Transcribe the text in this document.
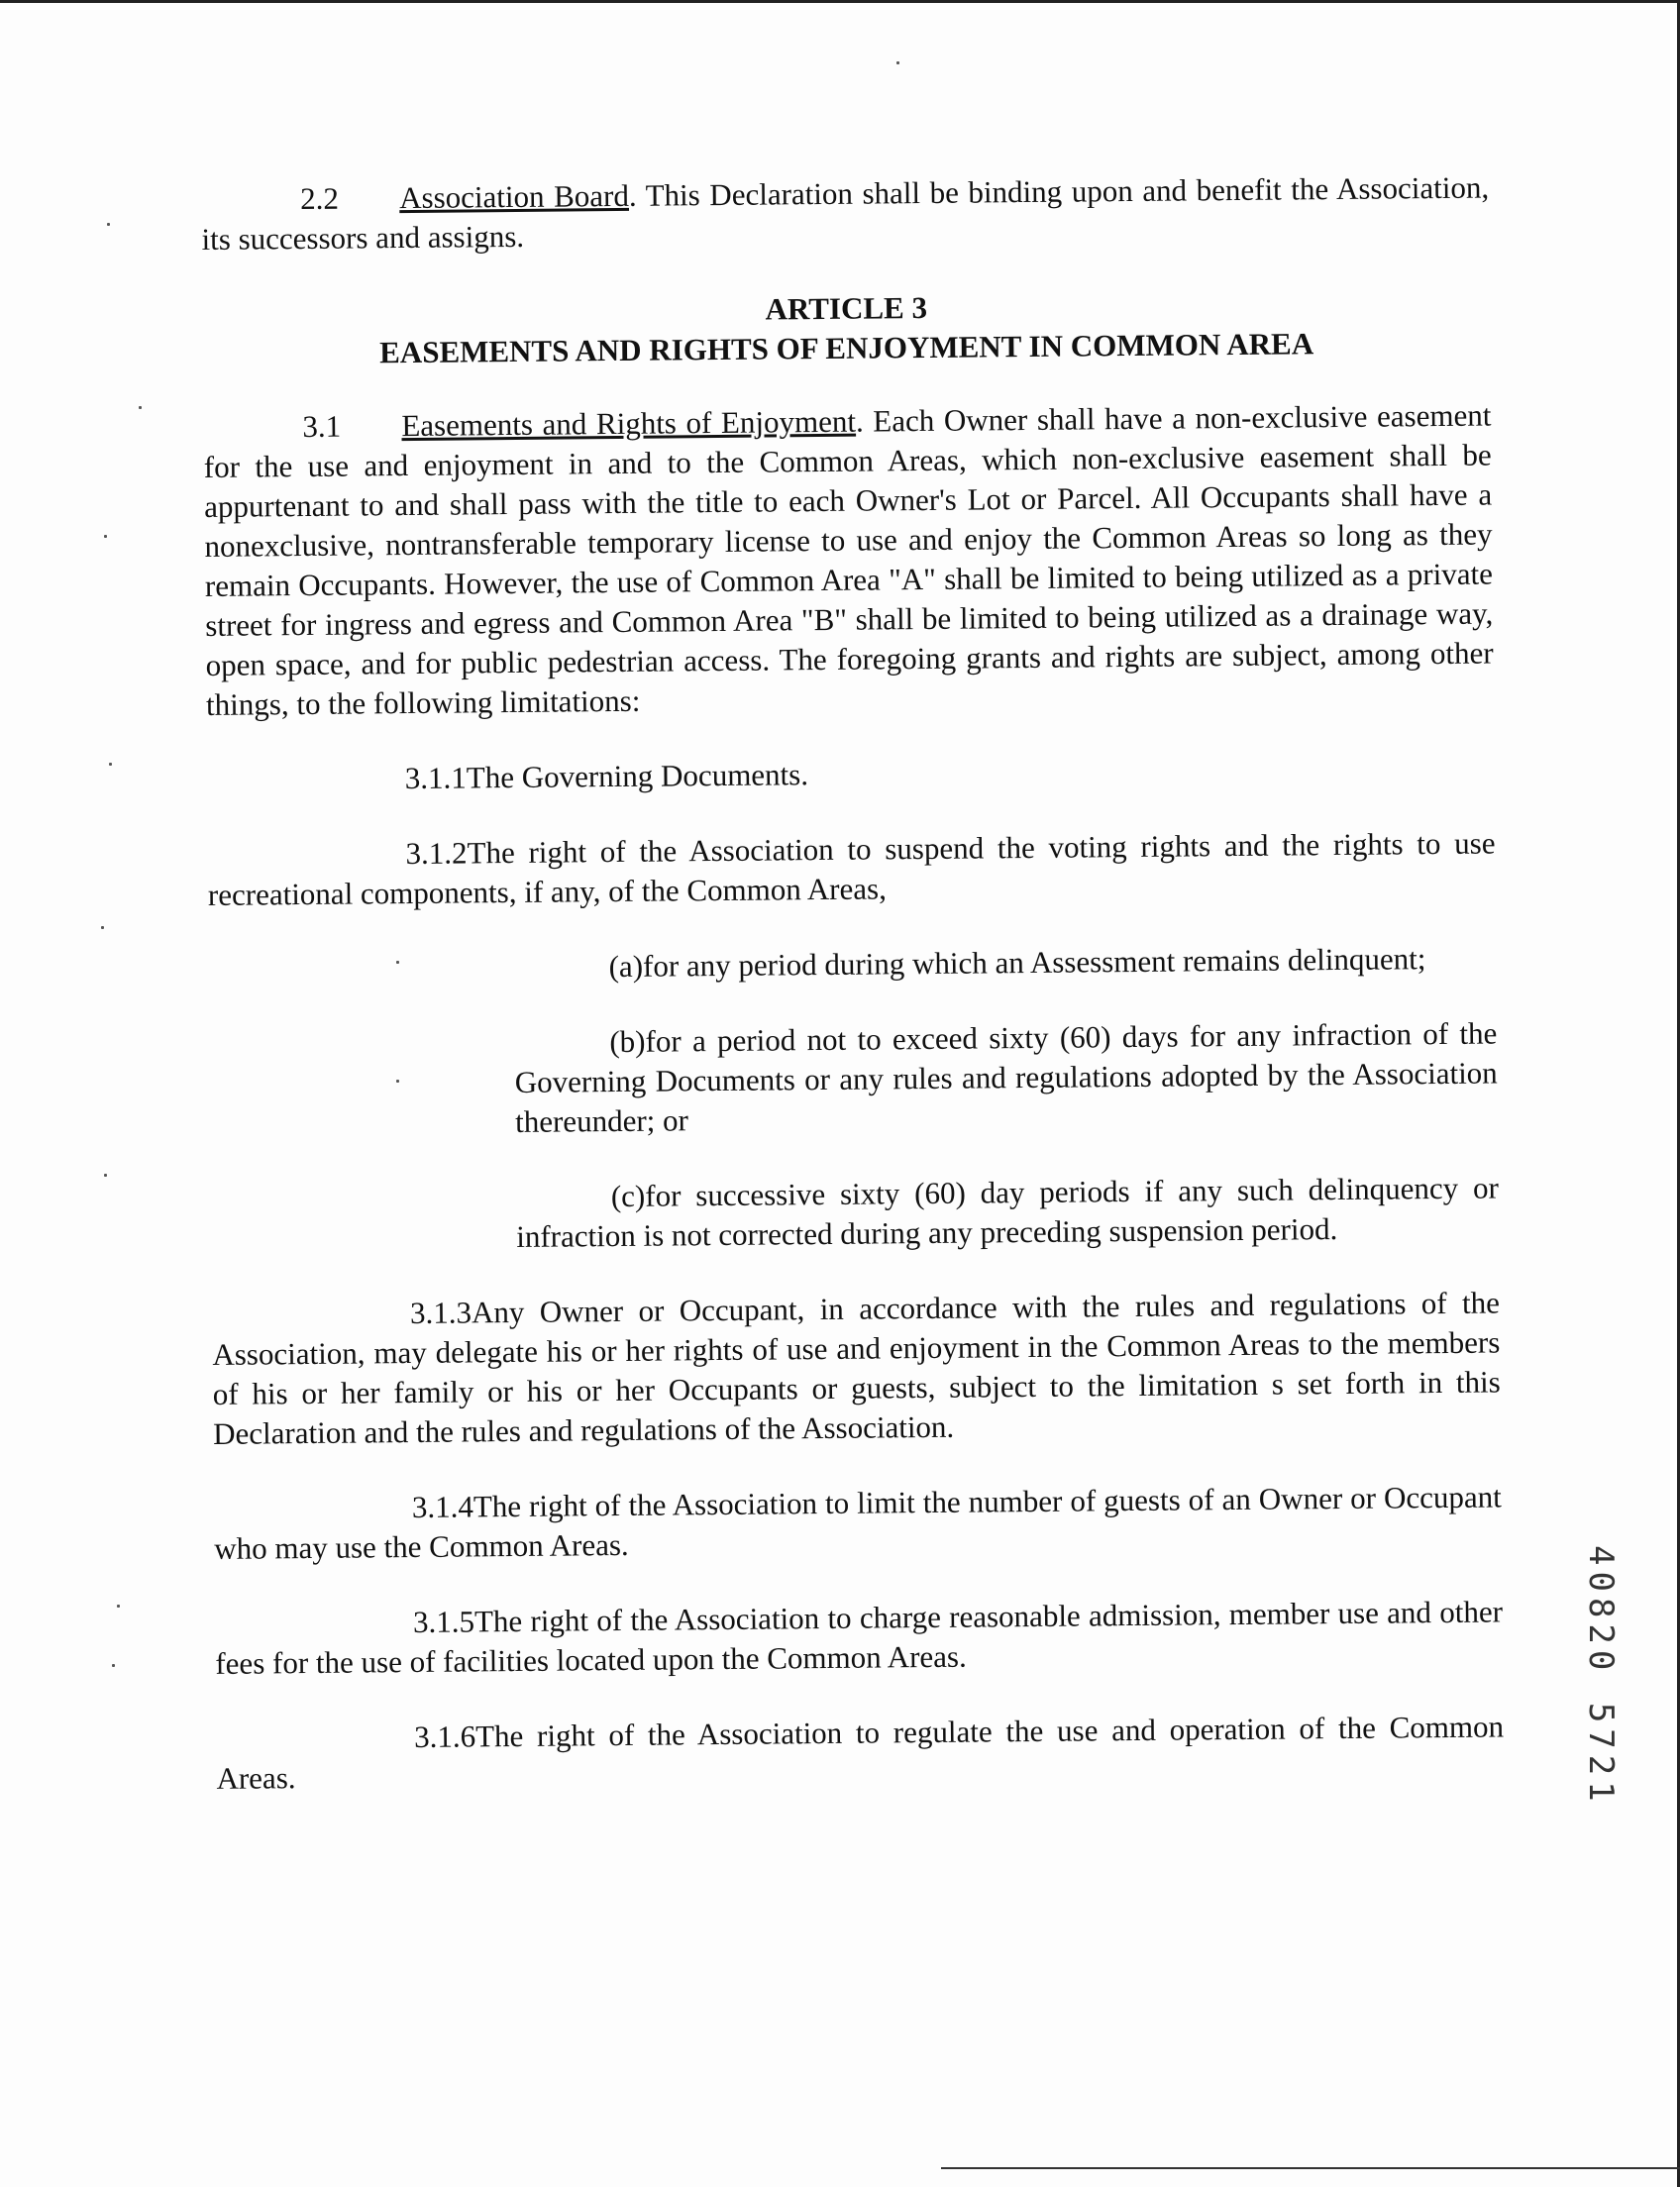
2.2 Association Board. This Declaration shall be binding upon and benefit the Association, its successors and assigns.

ARTICLE 3
EASEMENTS AND RIGHTS OF ENJOYMENT IN COMMON AREA

3.1 Easements and Rights of Enjoyment. Each Owner shall have a non-exclusive easement for the use and enjoyment in and to the Common Areas, which non-exclusive easement shall be appurtenant to and shall pass with the title to each Owner's Lot or Parcel. All Occupants shall have a nonexclusive, nontransferable temporary license to use and enjoy the Common Areas so long as they remain Occupants. However, the use of Common Area "A" shall be limited to being utilized as a private street for ingress and egress and Common Area "B" shall be limited to being utilized as a drainage way, open space, and for public pedestrian access. The foregoing grants and rights are subject, among other things, to the following limitations:

3.1.1The Governing Documents.

3.1.2The right of the Association to suspend the voting rights and the rights to use recreational components, if any, of the Common Areas,

(a)for any period during which an Assessment remains delinquent;

(b)for a period not to exceed sixty (60) days for any infraction of the Governing Documents or any rules and regulations adopted by the Association thereunder; or

(c)for successive sixty (60) day periods if any such delinquency or infraction is not corrected during any preceding suspension period.

3.1.3Any Owner or Occupant, in accordance with the rules and regulations of the Association, may delegate his or her rights of use and enjoyment in the Common Areas to the members of his or her family or his or her Occupants or guests, subject to the limitation s set forth in this Declaration and the rules and regulations of the Association.

3.1.4The right of the Association to limit the number of guests of an Owner or Occupant who may use the Common Areas.

3.1.5The right of the Association to charge reasonable admission, member use and other fees for the use of facilities located upon the Common Areas.

3.1.6The right of the Association to regulate the use and operation of the Common Areas.	40820 5721
